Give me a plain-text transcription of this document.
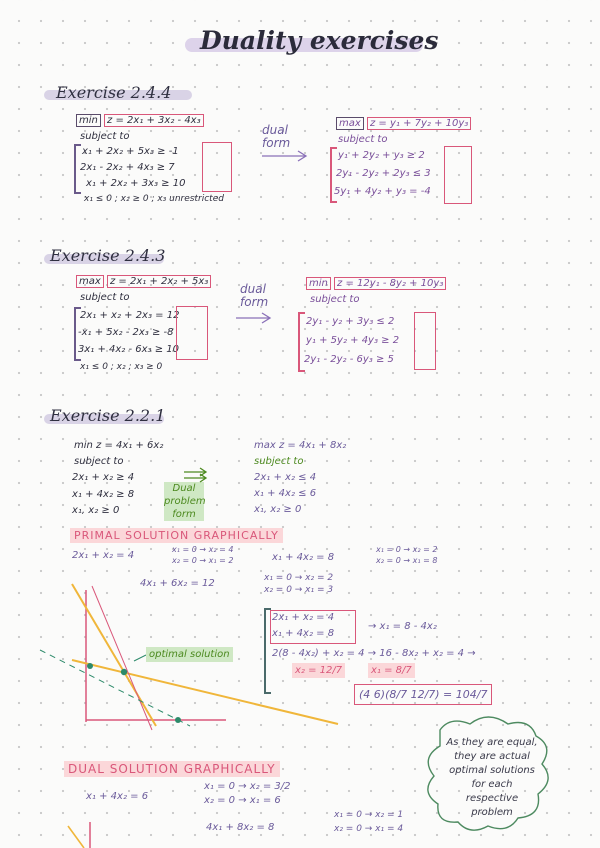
Duality exercises
Exercise 2.4.4
min z = 2x₁ + 3x₂ - 4x₃
subject to
x₁ + 2x₂ + 5x₃ ≥ -1
2x₁ - 2x₂ + 4x₃ ≥ 7
x₁ + 2x₂ + 3x₃ ≥ 10
x₁ ≤ 0 ; x₂ ≥ 0 ; x₃ unrestricted
dual form
max z = y₁ + 7y₂ + 10y₃
subject to
y₁ + 2y₂ + y₃ ≥ 2
2y₁ - 2y₂ + 2y₃ ≤ 3
5y₁ + 4y₂ + y₃ = -4
Exercise 2.4.3
max z = 2x₁ + 2x₂ + 5x₃
subject to
2x₁ + x₂ + 2x₃ = 12
-x₁ + 5x₂ - 2x₃ ≥ -8
3x₁ + 4x₂ - 6x₃ ≥ 10
x₁ ≤ 0 ; x₂ ; x₃ ≥ 0
dual form
min z = 12y₁ - 8y₂ + 10y₃
subject to
2y₁ - y₂ + 3y₃ ≤ 2
y₁ + 5y₂ + 4y₃ ≥ 2
2y₁ - 2y₂ - 6y₃ ≥ 5
Exercise 2.2.1
min z = 4x₁ + 6x₂
subject to
2x₁ + x₂ ≥ 4
x₁ + 4x₂ ≥ 8
x₁, x₂ ≥ 0
Dual problem form
max z = 4x₁ + 8x₂
subject to
2x₁ + x₂ ≤ 4
x₁ + 4x₂ ≤ 6
x₁, x₂ ≥ 0
PRIMAL SOLUTION GRAPHICALLY
2x₁ + x₂ = 4
x₁ = 0 → x₂ = 4
x₂ = 0 → x₁ = 2	x₁ + 4x₂ = 8
x₁ = 0 → x₂ = 2
x₂ = 0 → x₁ = 8
4x₁ + 6x₂ = 12	x₁ = 0 → x₂ = 2
x₂ = 0 → x₁ = 3
2x₁ + x₂ = 4
x₁ + 4x₂ = 8
→ x₁ = 8 - 4x₂
2(8 - 4x₂) + x₂ = 4 → 16 - 8x₂ + x₂ = 4 →
x₂ = 12/7	x₁ = 8/7
(4 6)(8/7 12/7) = 104/7
optimal solution
As they are equal, they are actual optimal solutions for each respective problem
DUAL SOLUTION GRAPHICALLY
x₁ + 4x₂ = 6
x₁ = 0 → x₂ = 3/2
x₂ = 0 → x₁ = 6
4x₁ + 8x₂ = 8
x₁ = 0 → x₂ = 1
x₂ = 0 → x₁ = 4
